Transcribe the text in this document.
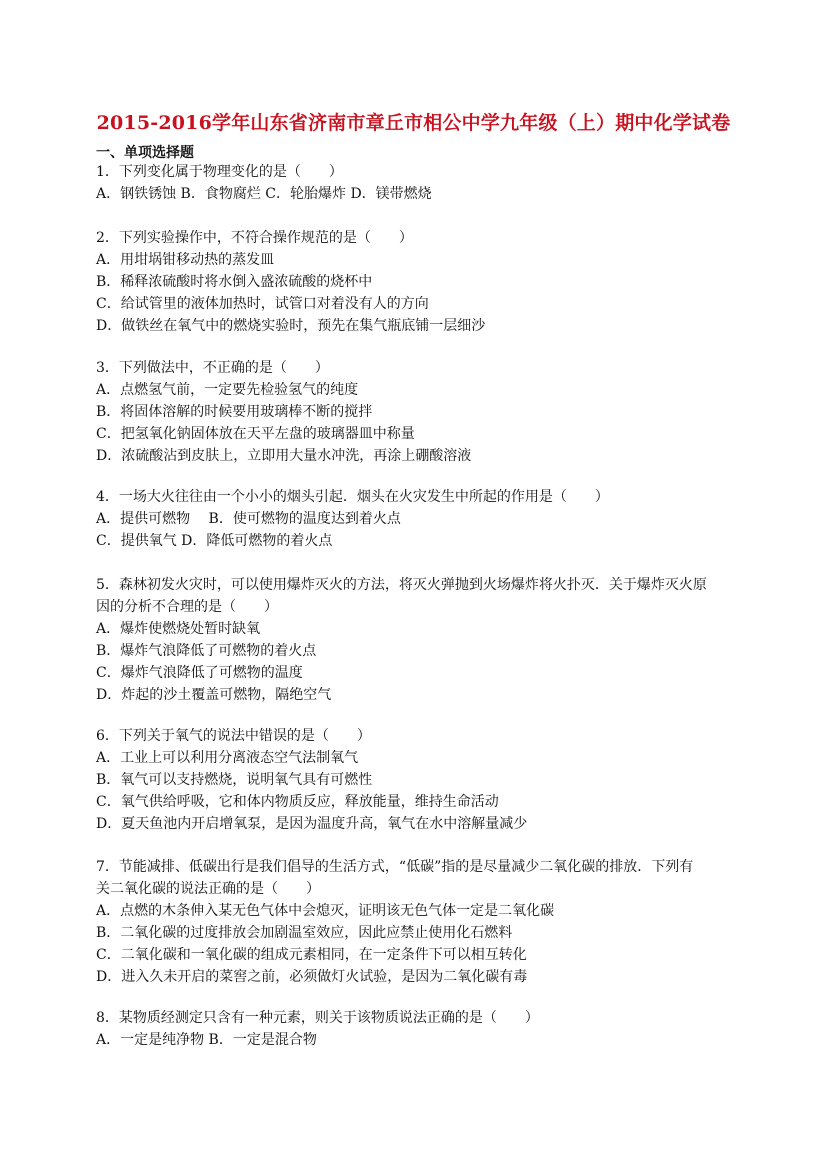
2015-2016学年山东省济南市章丘市相公中学九年级（上）期中化学试卷
一、单项选择题
1．下列变化属于物理变化的是（　　）
A．钢铁锈蚀 B．食物腐烂 C．轮胎爆炸 D．镁带燃烧
2．下列实验操作中，不符合操作规范的是（　　）
A．用坩埚钳移动热的蒸发皿
B．稀释浓硫酸时将水倒入盛浓硫酸的烧杯中
C．给试管里的液体加热时，试管口对着没有人的方向
D．做铁丝在氧气中的燃烧实验时，预先在集气瓶底铺一层细沙
3．下列做法中，不正确的是（　　）
A．点燃氢气前，一定要先检验氢气的纯度
B．将固体溶解的时候要用玻璃棒不断的搅拌
C．把氢氧化钠固体放在天平左盘的玻璃器皿中称量
D．浓硫酸沾到皮肤上，立即用大量水冲洗，再涂上硼酸溶液
4．一场大火往往由一个小小的烟头引起．烟头在火灾发生中所起的作用是（　　）
A．提供可燃物　 B．使可燃物的温度达到着火点
C．提供氧气 D．降低可燃物的着火点
5．森林初发火灾时，可以使用爆炸灭火的方法，将灭火弹抛到火场爆炸将火扑灭．关于爆炸灭火原
因的分析不合理的是（　　）
A．爆炸使燃烧处暂时缺氧
B．爆炸气浪降低了可燃物的着火点
C．爆炸气浪降低了可燃物的温度
D．炸起的沙土覆盖可燃物，隔绝空气
6．下列关于氧气的说法中错误的是（　　）
A．工业上可以利用分离液态空气法制氧气
B．氧气可以支持燃烧，说明氧气具有可燃性
C．氧气供给呼吸，它和体内物质反应，释放能量，维持生命活动
D．夏天鱼池内开启增氧泵，是因为温度升高，氧气在水中溶解量减少
7．节能减排、低碳出行是我们倡导的生活方式，“低碳”指的是尽量减少二氧化碳的排放．下列有
关二氧化碳的说法正确的是（　　）
A．点燃的木条伸入某无色气体中会熄灭，证明该无色气体一定是二氧化碳
B．二氧化碳的过度排放会加剧温室效应，因此应禁止使用化石燃料
C．二氧化碳和一氧化碳的组成元素相同，在一定条件下可以相互转化
D．进入久未开启的菜窖之前，必须做灯火试验，是因为二氧化碳有毒
8．某物质经测定只含有一种元素，则关于该物质说法正确的是（　　）
A．一定是纯净物 B．一定是混合物
